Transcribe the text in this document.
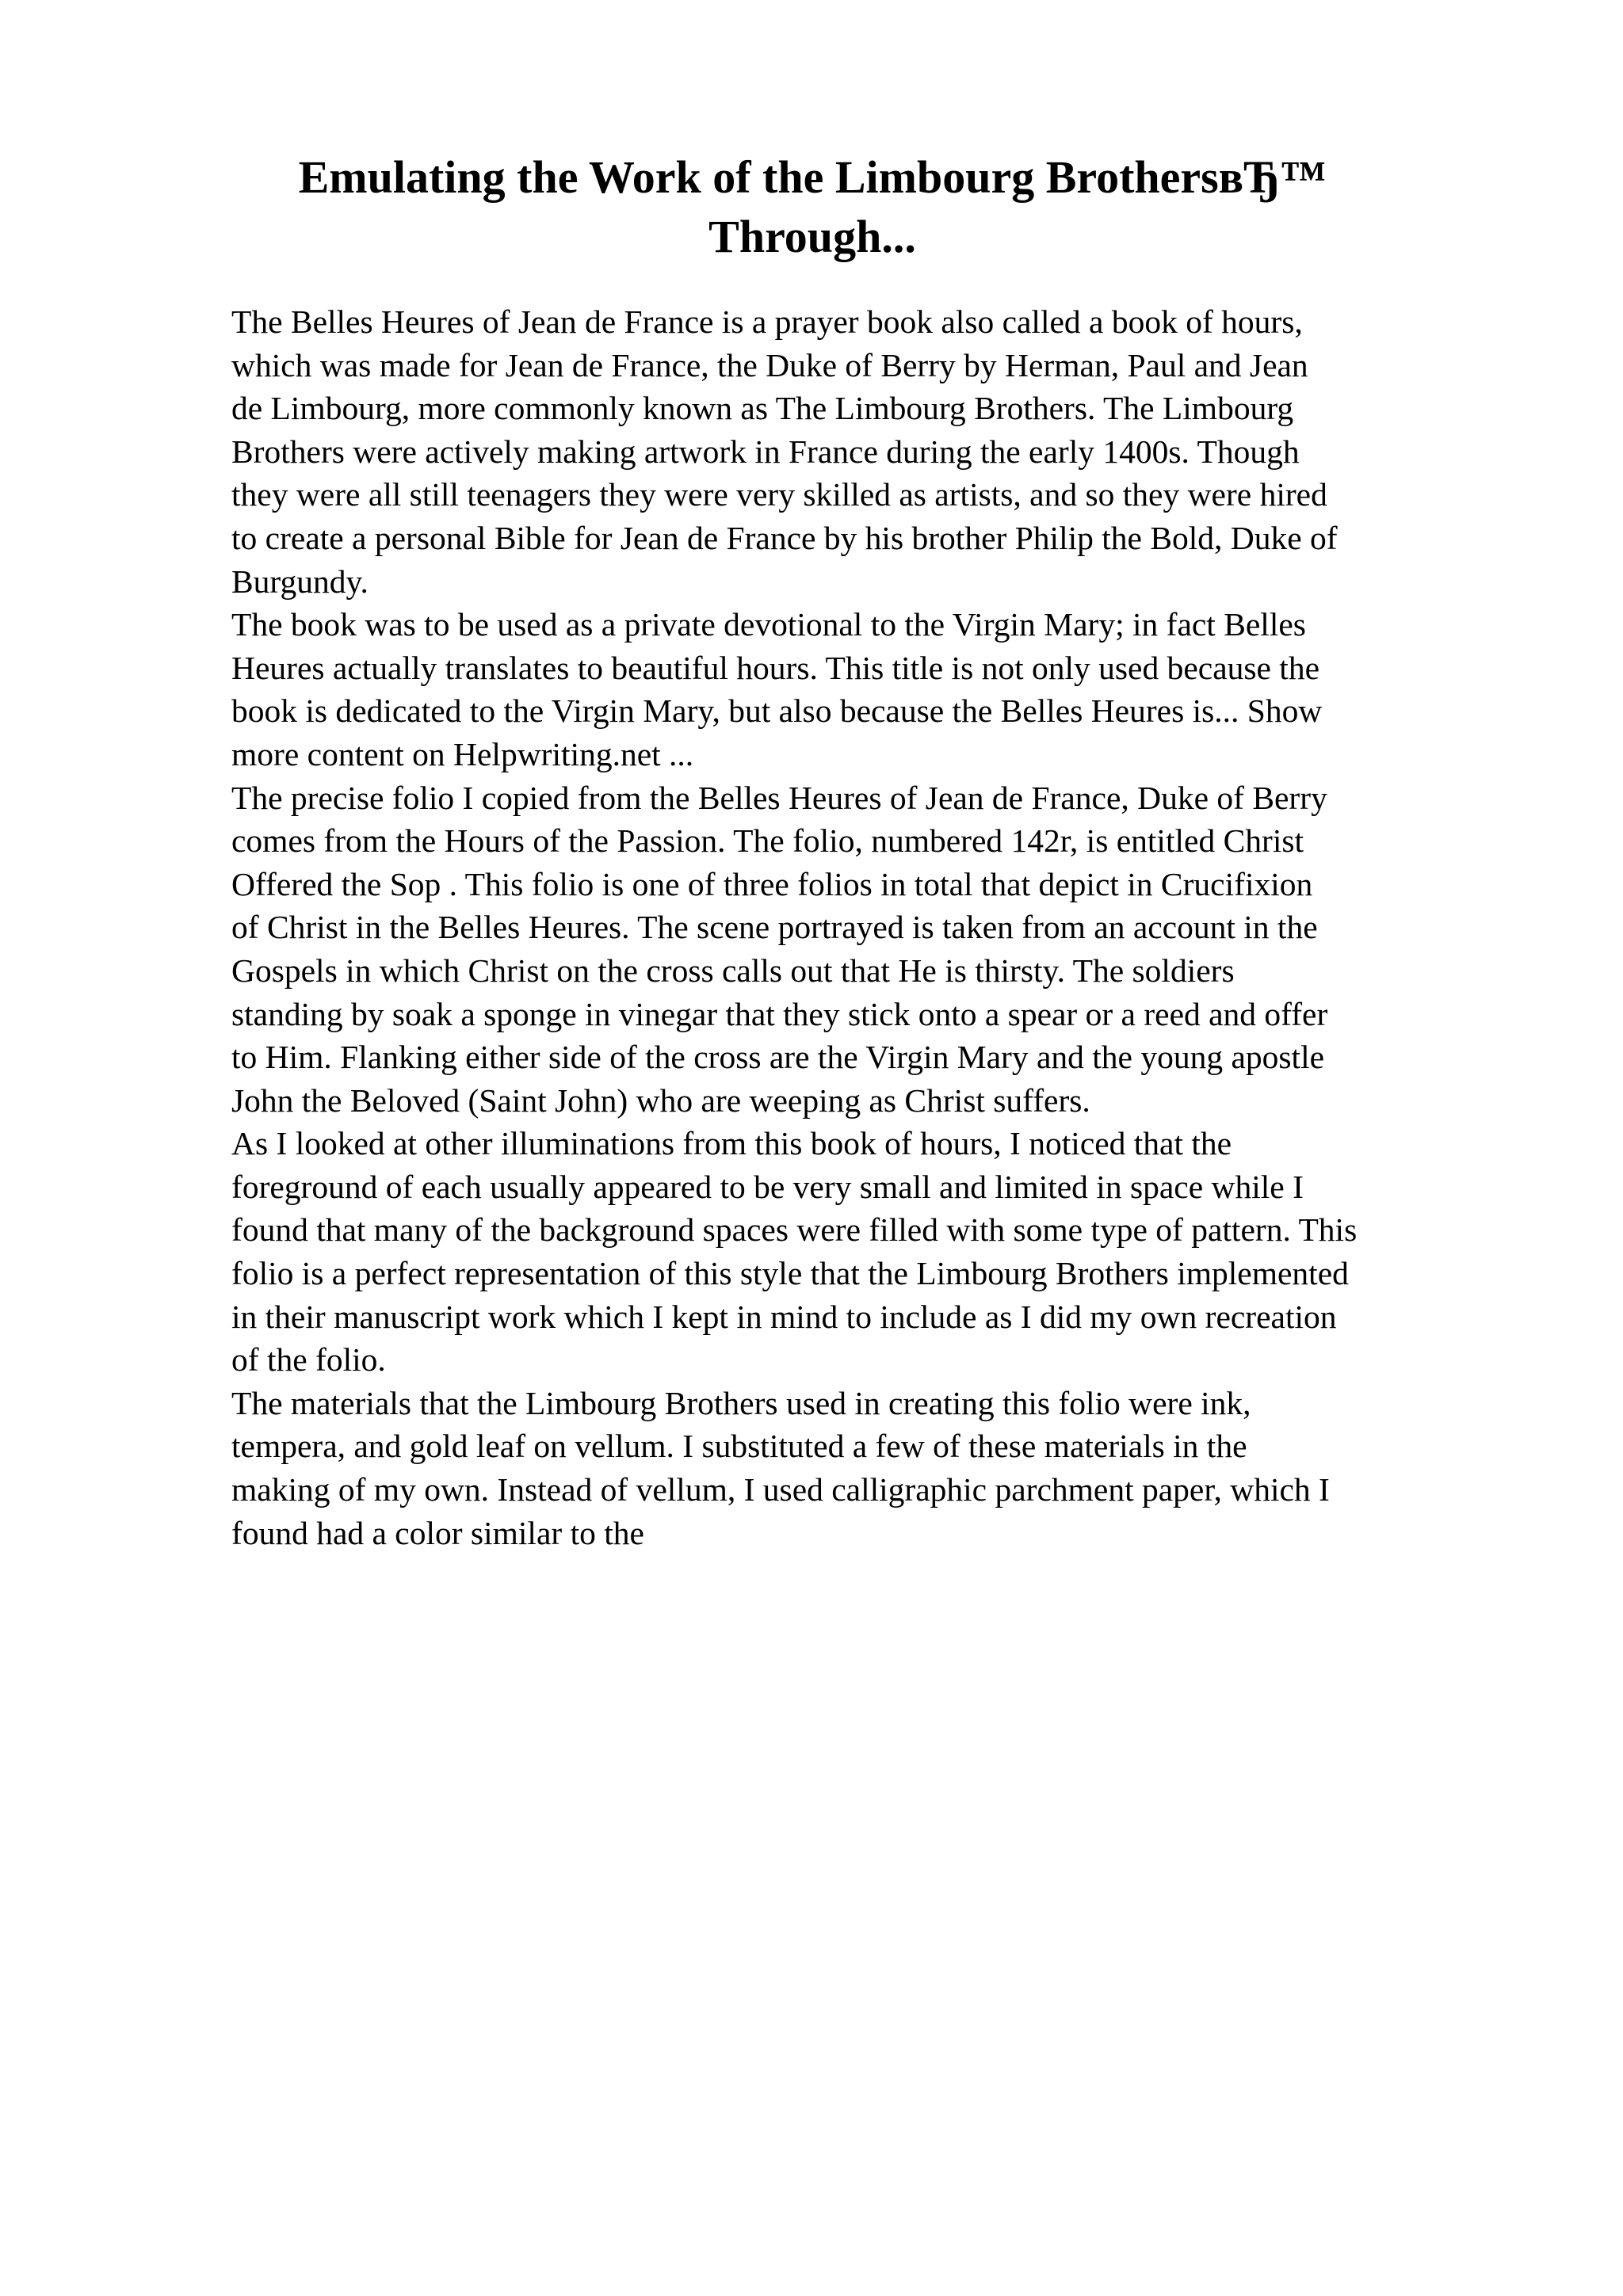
Emulating the Work of the Limbourg BrothersвЂ™
Through...
The Belles Heures of Jean de France is a prayer book also called a book of hours,
which was made for Jean de France, the Duke of Berry by Herman, Paul and Jean
de Limbourg, more commonly known as The Limbourg Brothers. The Limbourg
Brothers were actively making artwork in France during the early 1400s. Though
they were all still teenagers they were very skilled as artists, and so they were hired
to create a personal Bible for Jean de France by his brother Philip the Bold, Duke of
Burgundy.
The book was to be used as a private devotional to the Virgin Mary; in fact Belles
Heures actually translates to beautiful hours. This title is not only used because the
book is dedicated to the Virgin Mary, but also because the Belles Heures is... Show
more content on Helpwriting.net ...
The precise folio I copied from the Belles Heures of Jean de France, Duke of Berry
comes from the Hours of the Passion. The folio, numbered 142r, is entitled Christ
Offered the Sop . This folio is one of three folios in total that depict in Crucifixion
of Christ in the Belles Heures. The scene portrayed is taken from an account in the
Gospels in which Christ on the cross calls out that He is thirsty. The soldiers
standing by soak a sponge in vinegar that they stick onto a spear or a reed and offer
to Him. Flanking either side of the cross are the Virgin Mary and the young apostle
John the Beloved (Saint John) who are weeping as Christ suffers.
As I looked at other illuminations from this book of hours, I noticed that the
foreground of each usually appeared to be very small and limited in space while I
found that many of the background spaces were filled with some type of pattern. This
folio is a perfect representation of this style that the Limbourg Brothers implemented
in their manuscript work which I kept in mind to include as I did my own recreation
of the folio.
The materials that the Limbourg Brothers used in creating this folio were ink,
tempera, and gold leaf on vellum. I substituted a few of these materials in the
making of my own. Instead of vellum, I used calligraphic parchment paper, which I
found had a color similar to the
